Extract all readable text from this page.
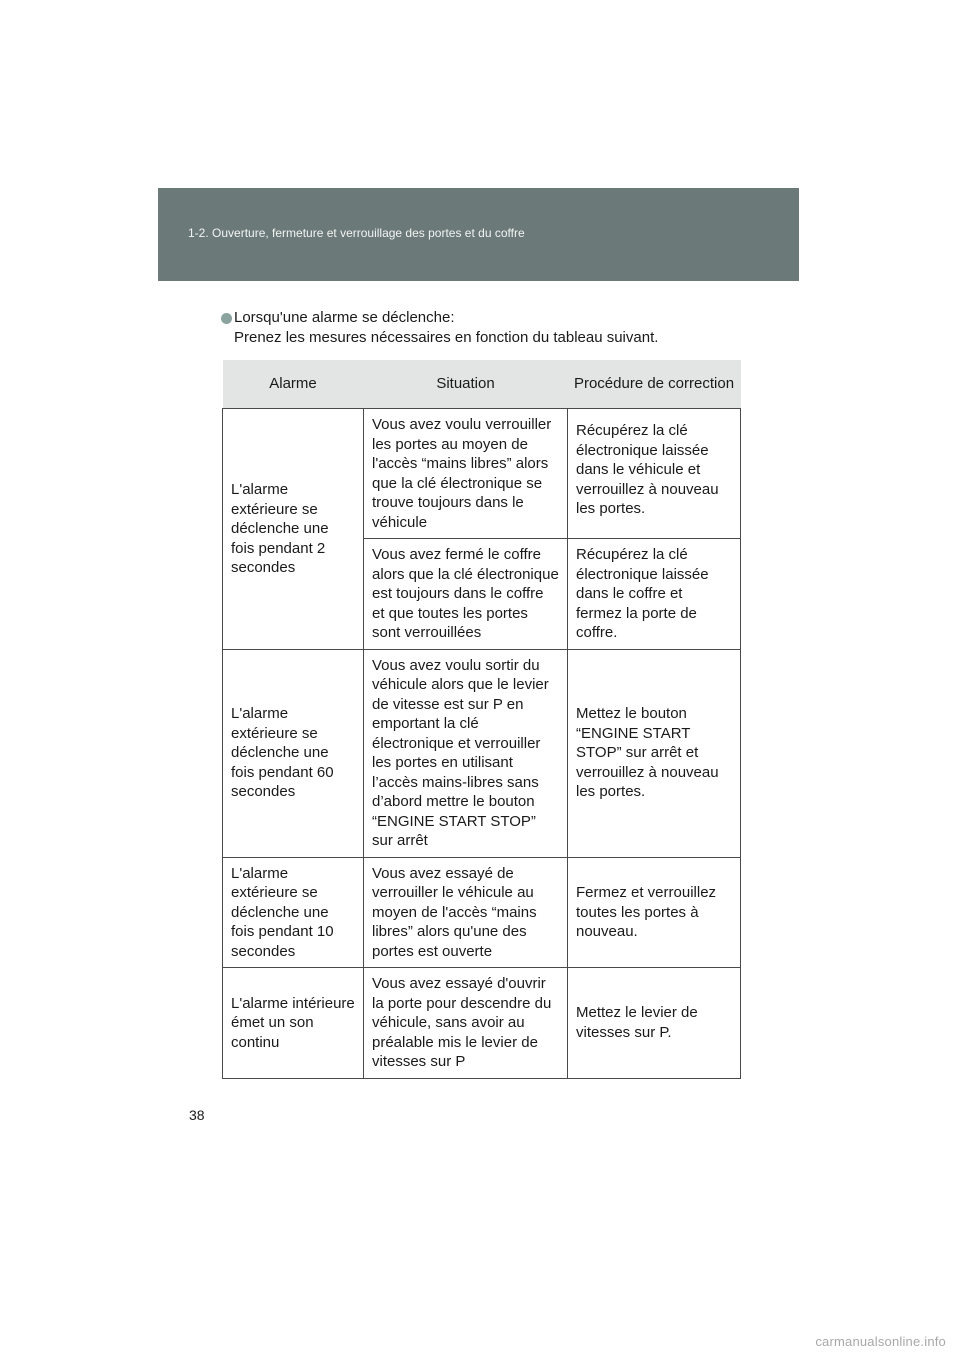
1-2. Ouverture, fermeture et verrouillage des portes et du coffre
Lorsqu'une alarme se déclenche:
Prenez les mesures nécessaires en fonction du tableau suivant.
Alarme	Situation	Procédure de correction
L'alarme extérieure se déclenche une fois pendant 2 secondes	Vous avez voulu verrouiller les portes au moyen de l'accès “mains libres” alors que la clé électronique se trouve toujours dans le véhicule	Récupérez la clé électronique laissée dans le véhicule et verrouillez à nouveau les portes.
	Vous avez fermé le coffre alors que la clé électronique est toujours dans le coffre et que toutes les portes sont verrouillées	Récupérez la clé électronique laissée dans le coffre et fermez la porte de coffre.
L'alarme extérieure se déclenche une fois pendant 60 secondes	Vous avez voulu sortir du véhicule alors que le levier de vitesse est sur P en emportant la clé électronique et verrouiller les portes en utilisant l’accès mains-libres sans d’abord mettre le bouton “ENGINE START STOP” sur arrêt	Mettez le bouton “ENGINE START STOP” sur arrêt et verrouillez à nouveau les portes.
L'alarme extérieure se déclenche une fois pendant 10 secondes	Vous avez essayé de verrouiller le véhicule au moyen de l'accès “mains libres” alors qu'une des portes est ouverte	Fermez et verrouillez toutes les portes à nouveau.
L'alarme intérieure émet un son continu	Vous avez essayé d'ouvrir la porte pour descendre du véhicule, sans avoir au préalable mis le levier de vitesses sur P	Mettez le levier de vitesses sur P.
38
carmanualsonline.info
